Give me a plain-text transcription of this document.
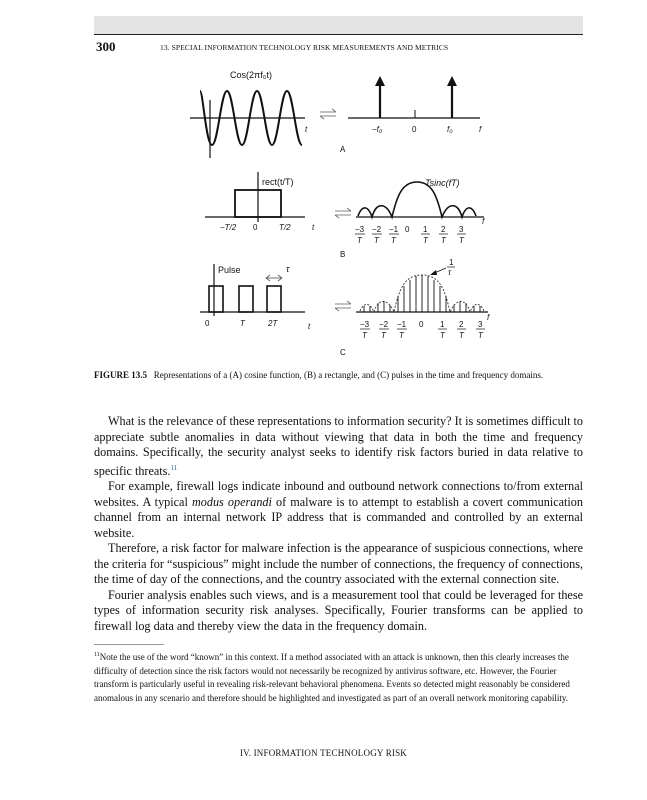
300	13. SPECIAL INFORMATION TECHNOLOGY RISK MEASUREMENTS AND METRICS
Cos(2πf₀t)
t	−f₀	0	f₀	f
A
rect(t/T)
−T/2 0	T/2	t
Tsinc(fT)
f
−3 −2 −1 0 1 2 3
T T T	T T T
B
Pulse	τ
0	T	2T	t
1
τ
f
−3 −2 −1 0 1 2 3
T T T	T T T
C
FIGURE 13.5 Representations of a (A) cosine function, (B) a rectangle, and (C) pulses in the time and frequency domains.

What is the relevance of these representations to information security? It is sometimes difficult to appreciate subtle anomalies in data without viewing that data in both the time and frequency domains. Specifically, the security analyst seeks to identify risk factors buried in data relative to specific threats.$^{11}$

For example, firewall logs indicate inbound and outbound network connections to/from external websites. A typical modus operandi of malware is to attempt to establish a covert communication channel from an internal network IP address that is commanded and controlled by an external website.

Therefore, a risk factor for malware infection is the appearance of suspicious connections, where the criteria for “suspicious” might include the number of connections, the frequency of connections, the time of day of the connections, and the country associated with the external connection site.

Fourier analysis enables such views, and is a measurement tool that could be leveraged for these types of information security risk analyses. Specifically, Fourier transforms can be applied to firewall log data and thereby view the data in the frequency domain.

$^{11}$Note the use of the word “known” in this context. If a method associated with an attack is unknown, then this clearly increases the difficulty of detection since the risk factors would not necessarily be recognized by antivirus software, etc. However, the Fourier transform is particularly useful in revealing risk-relevant behavioral phenomena. Events so detected might reasonably be considered anomalous in any scenario and therefore should be highlighted and investigated as part of an overall network monitoring capability.
IV. INFORMATION TECHNOLOGY RISK
